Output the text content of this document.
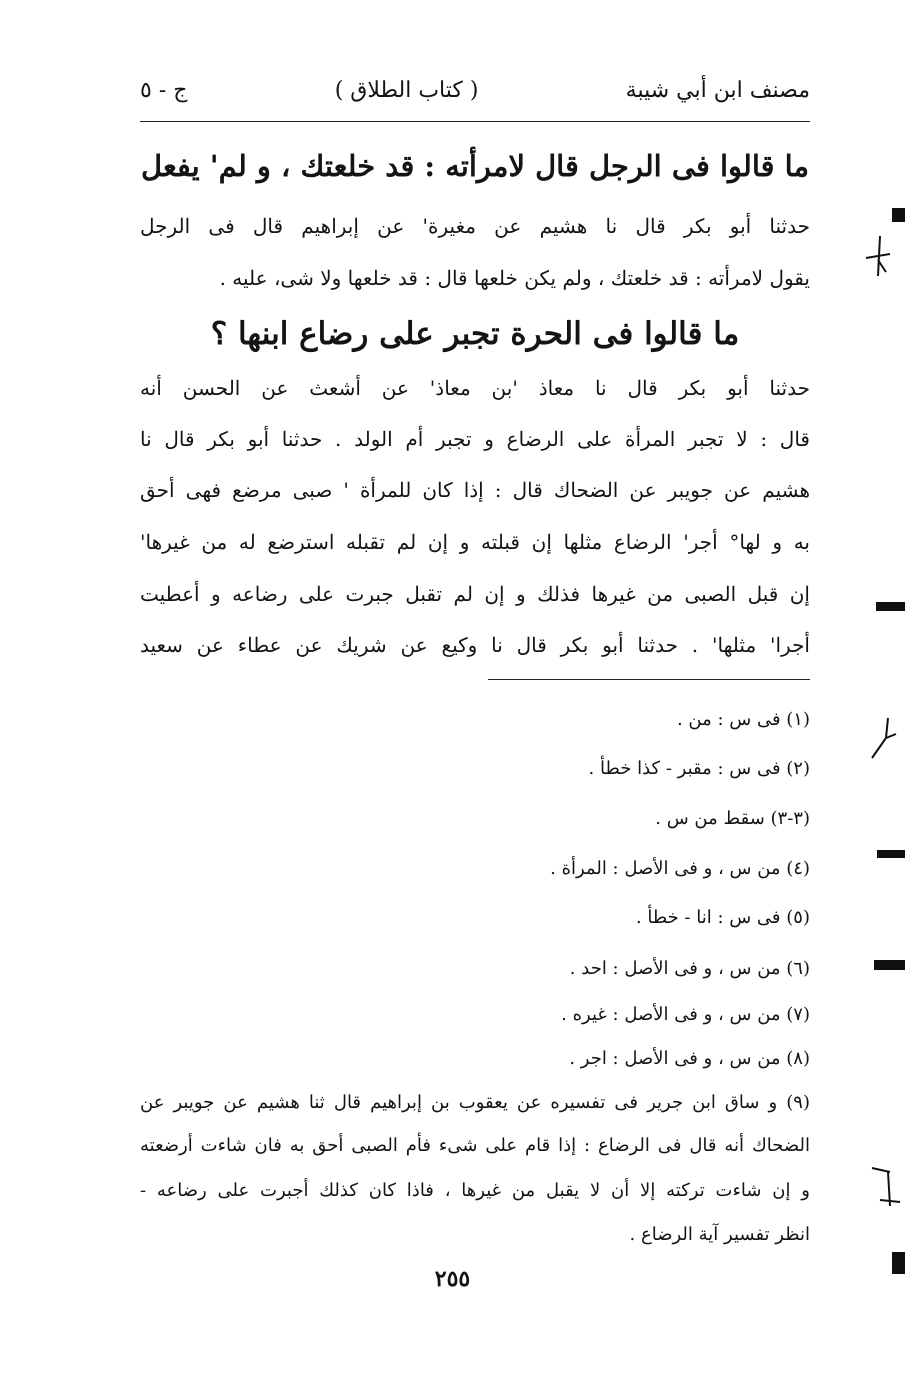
مصنف ابن أبي شيبة
( كتاب الطلاق )
ج - ٥
ما قالوا فى الرجل قال لامرأته : قد خلعتك ، و لم' يفعل
حدثنا أبو بكر قال نا هشيم عن مغيرة' عن إبراهيم قال فى الرجل
يقول لامرأته : قد خلعتك ، ولم يكن خلعها قال : قد خلعها ولا شى، عليه .
ما قالوا فى الحرة تجبر على رضاع ابنها ؟
حدثنا أبو بكر قال نا معاذ 'بن معاذ' عن أشعث عن الحسن أنه
قال : لا تجبر المرأة على الرضاع و تجبر أم الولد . حدثنا أبو بكر قال نا
هشيم عن جويبر عن الضحاك قال : إذا كان للمرأة ' صبى مرضع فهى أحق
به و لها° أجر' الرضاع مثلها إن قبلته و إن لم تقبله استرضع له من غيرها'
إن قبل الصبى من غيرها فذلك و إن لم تقبل جبرت على رضاعه و أعطيت
أجرا' مثلها' . حدثنا أبو بكر قال نا وكيع عن شريك عن عطاء عن سعيد
(١) فى س : من .
(٢) فى س : مقبر - كذا خطأ .
(٣-٣) سقط من س .
(٤) من س ، و فى الأصل : المرأة .
(٥) فى س : انا - خطأ .
(٦) من س ، و فى الأصل : احد .
(٧) من س ، و فى الأصل : غيره .
(٨) من س ، و فى الأصل : اجر .
(٩) و ساق ابن جرير فى تفسيره عن يعقوب بن إبراهيم قال ثنا هشيم عن جويبر عن
الضحاك أنه قال فى الرضاع : إذا قام على شىء فأم الصبى أحق به فان شاءت أرضعته
و إن شاءت تركته إلا أن لا يقبل من غيرها ، فاذا كان كذلك أجبرت على رضاعه -
انظر تفسير آية الرضاع .
٢٥٥
